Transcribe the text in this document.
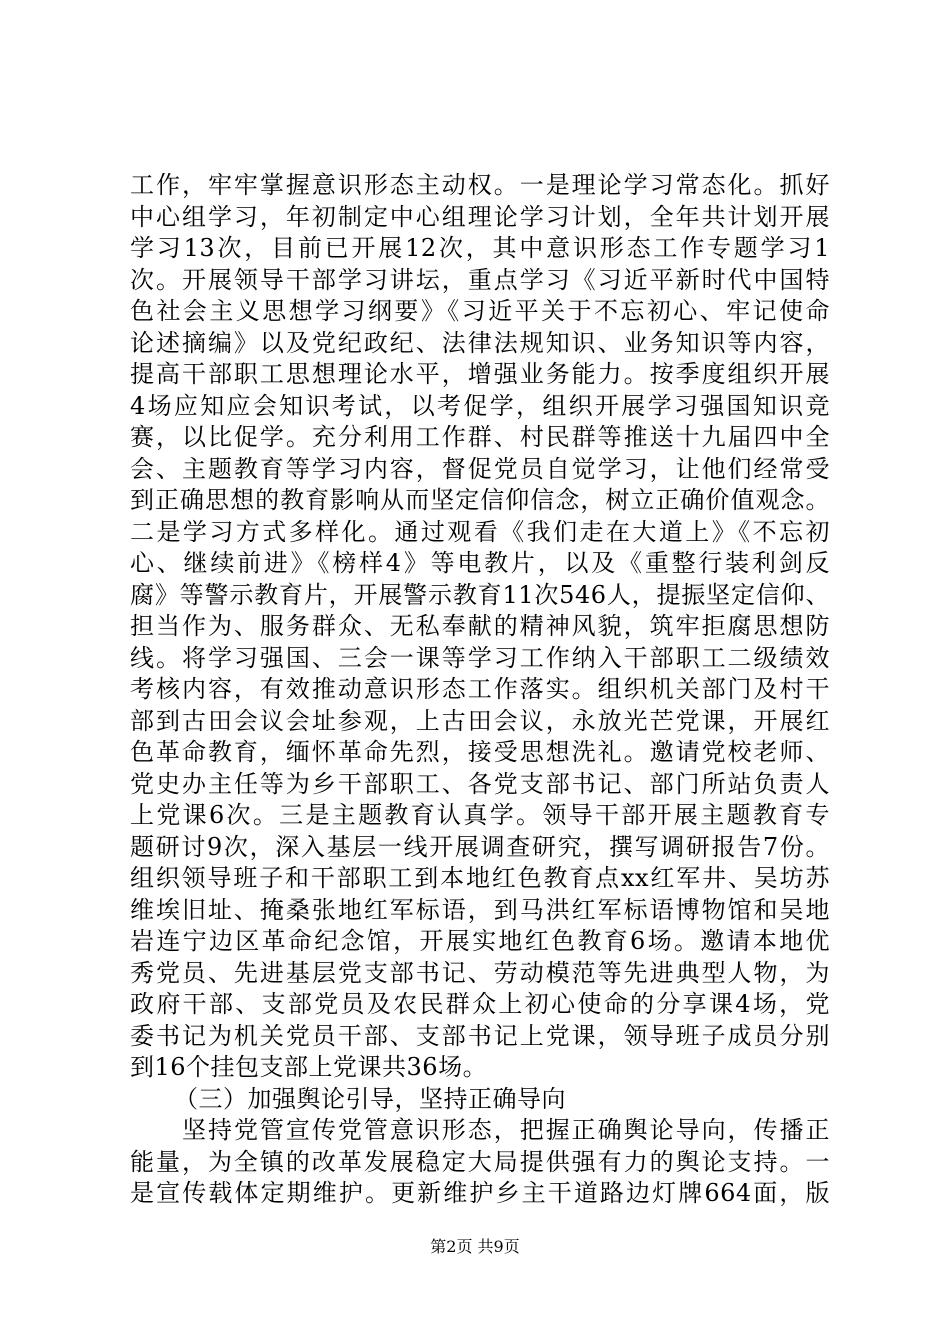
工作，牢牢掌握意识形态主动权。一是理论学习常态化。抓好
中心组学习，年初制定中心组理论学习计划，全年共计划开展
学习13次，目前已开展12次，其中意识形态工作专题学习1
次。开展领导干部学习讲坛，重点学习《习近平新时代中国特
色社会主义思想学习纲要》《习近平关于不忘初心、牢记使命
论述摘编》以及党纪政纪、法律法规知识、业务知识等内容，
提高干部职工思想理论水平，增强业务能力。按季度组织开展
4场应知应会知识考试，以考促学，组织开展学习强国知识竞
赛，以比促学。充分利用工作群、村民群等推送十九届四中全
会、主题教育等学习内容，督促党员自觉学习，让他们经常受
到正确思想的教育影响从而坚定信仰信念，树立正确价值观念。
二是学习方式多样化。通过观看《我们走在大道上》《不忘初
心、继续前进》《榜样4》等电教片，以及《重整行装利剑反
腐》等警示教育片，开展警示教育11次546人，提振坚定信仰、
担当作为、服务群众、无私奉献的精神风貌，筑牢拒腐思想防
线。将学习强国、三会一课等学习工作纳入干部职工二级绩效
考核内容，有效推动意识形态工作落实。组织机关部门及村干
部到古田会议会址参观，上古田会议，永放光芒党课，开展红
色革命教育，缅怀革命先烈，接受思想洗礼。邀请党校老师、
党史办主任等为乡干部职工、各党支部书记、部门所站负责人
上党课6次。三是主题教育认真学。领导干部开展主题教育专
题研讨9次，深入基层一线开展调查研究，撰写调研报告7份。
组织领导班子和干部职工到本地红色教育点xx红军井、吴坊苏
维埃旧址、掩桑张地红军标语，到马洪红军标语博物馆和吴地
岩连宁边区革命纪念馆，开展实地红色教育6场。邀请本地优
秀党员、先进基层党支部书记、劳动模范等先进典型人物，为
政府干部、支部党员及农民群众上初心使命的分享课4场，党
委书记为机关党员干部、支部书记上党课，领导班子成员分别
到16个挂包支部上党课共36场。
（三）加强舆论引导，坚持正确导向
坚持党管宣传党管意识形态，把握正确舆论导向，传播正
能量，为全镇的改革发展稳定大局提供强有力的舆论支持。一
是宣传载体定期维护。更新维护乡主干道路边灯牌664面，版
第2页 共9页
